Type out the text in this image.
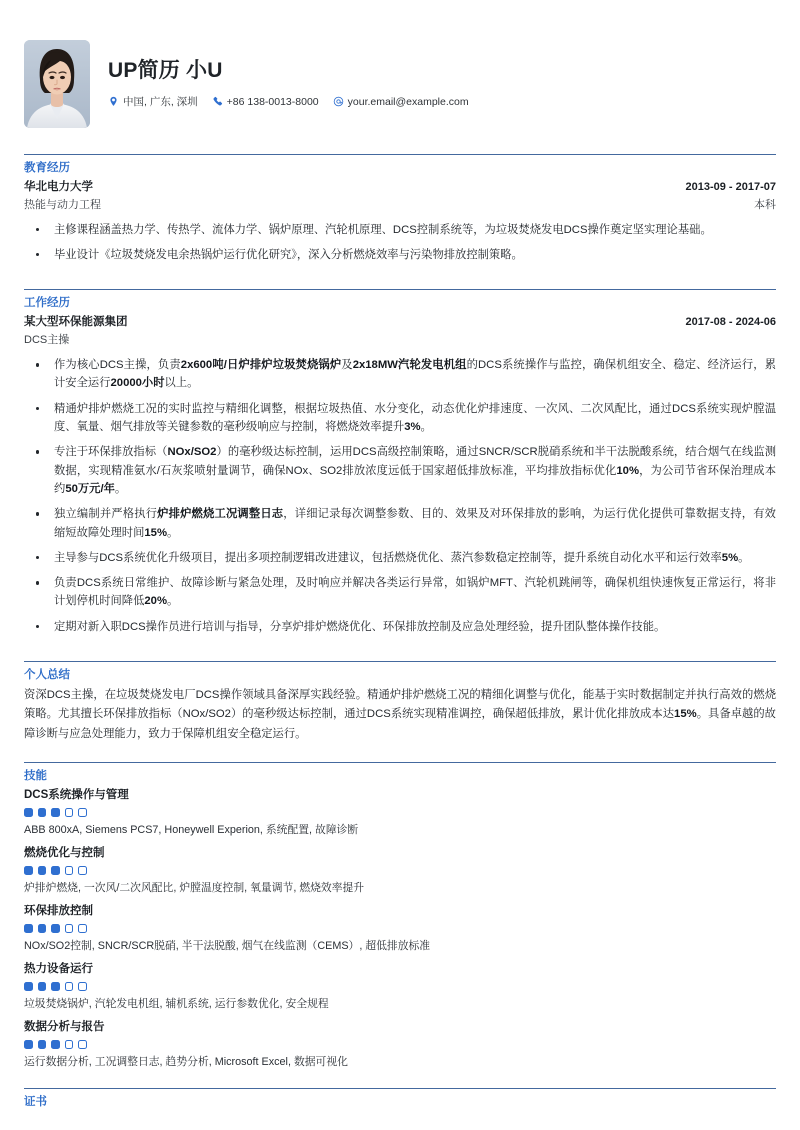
UP简历 小U
中国, 广东, 深圳	+86 138-0013-8000	your.email@example.com
教育经历
华北电力大学	2013-09 - 2017-07
热能与动力工程	本科
主修课程涵盖热力学、传热学、流体力学、锅炉原理、汽轮机原理、DCS控制系统等，为垃圾焚烧发电DCS操作奠定坚实理论基础。
毕业设计《垃圾焚烧发电余热锅炉运行优化研究》，深入分析燃烧效率与污染物排放控制策略。
工作经历
某大型环保能源集团	2017-08 - 2024-06
DCS主操
作为核心DCS主操，负责2x600吨/日炉排炉垃圾焚烧锅炉及2x18MW汽轮发电机组的DCS系统操作与监控，确保机组安全、稳定、经济运行，累计安全运行20000小时以上。
精通炉排炉燃烧工况的实时监控与精细化调整，根据垃圾热值、水分变化，动态优化炉排速度、一次风、二次风配比，通过DCS系统实现炉膛温度、氧量、烟气排放等关键参数的毫秒级响应与控制，将燃烧效率提升3%。
专注于环保排放指标（NOx/SO2）的毫秒级达标控制，运用DCS高级控制策略，通过SNCR/SCR脱硝系统和半干法脱酸系统，结合烟气在线监测数据，实现精准氨水/石灰浆喷射量调节，确保NOx、SO2排放浓度远低于国家超低排放标准，平均排放指标优化10%，为公司节省环保治理成本约50万元/年。
独立编制并严格执行炉排炉燃烧工况调整日志，详细记录每次调整参数、目的、效果及对环保排放的影响，为运行优化提供可靠数据支持，有效缩短故障处理时间15%。
主导参与DCS系统优化升级项目，提出多项控制逻辑改进建议，包括燃烧优化、蒸汽参数稳定控制等，提升系统自动化水平和运行效率5%。
负责DCS系统日常维护、故障诊断与紧急处理，及时响应并解决各类运行异常，如锅炉MFT、汽轮机跳闸等，确保机组快速恢复正常运行，将非计划停机时间降低20%。
定期对新入职DCS操作员进行培训与指导，分享炉排炉燃烧优化、环保排放控制及应急处理经验，提升团队整体操作技能。
个人总结
资深DCS主操，在垃圾焚烧发电厂DCS操作领域具备深厚实践经验。精通炉排炉燃烧工况的精细化调整与优化，能基于实时数据制定并执行高效的燃烧策略。尤其擅长环保排放指标（NOx/SO2）的毫秒级达标控制，通过DCS系统实现精准调控，确保超低排放，累计优化排放成本达15%。具备卓越的故障诊断与应急处理能力，致力于保障机组安全稳定运行。
技能
DCS系统操作与管理
ABB 800xA, Siemens PCS7, Honeywell Experion, 系统配置, 故障诊断
燃烧优化与控制
炉排炉燃烧, 一次风/二次风配比, 炉膛温度控制, 氧量调节, 燃烧效率提升
环保排放控制
NOx/SO2控制, SNCR/SCR脱硝, 半干法脱酸, 烟气在线监测（CEMS）, 超低排放标准
热力设备运行
垃圾焚烧锅炉, 汽轮发电机组, 辅机系统, 运行参数优化, 安全规程
数据分析与报告
运行数据分析, 工况调整日志, 趋势分析, Microsoft Excel, 数据可视化
证书
